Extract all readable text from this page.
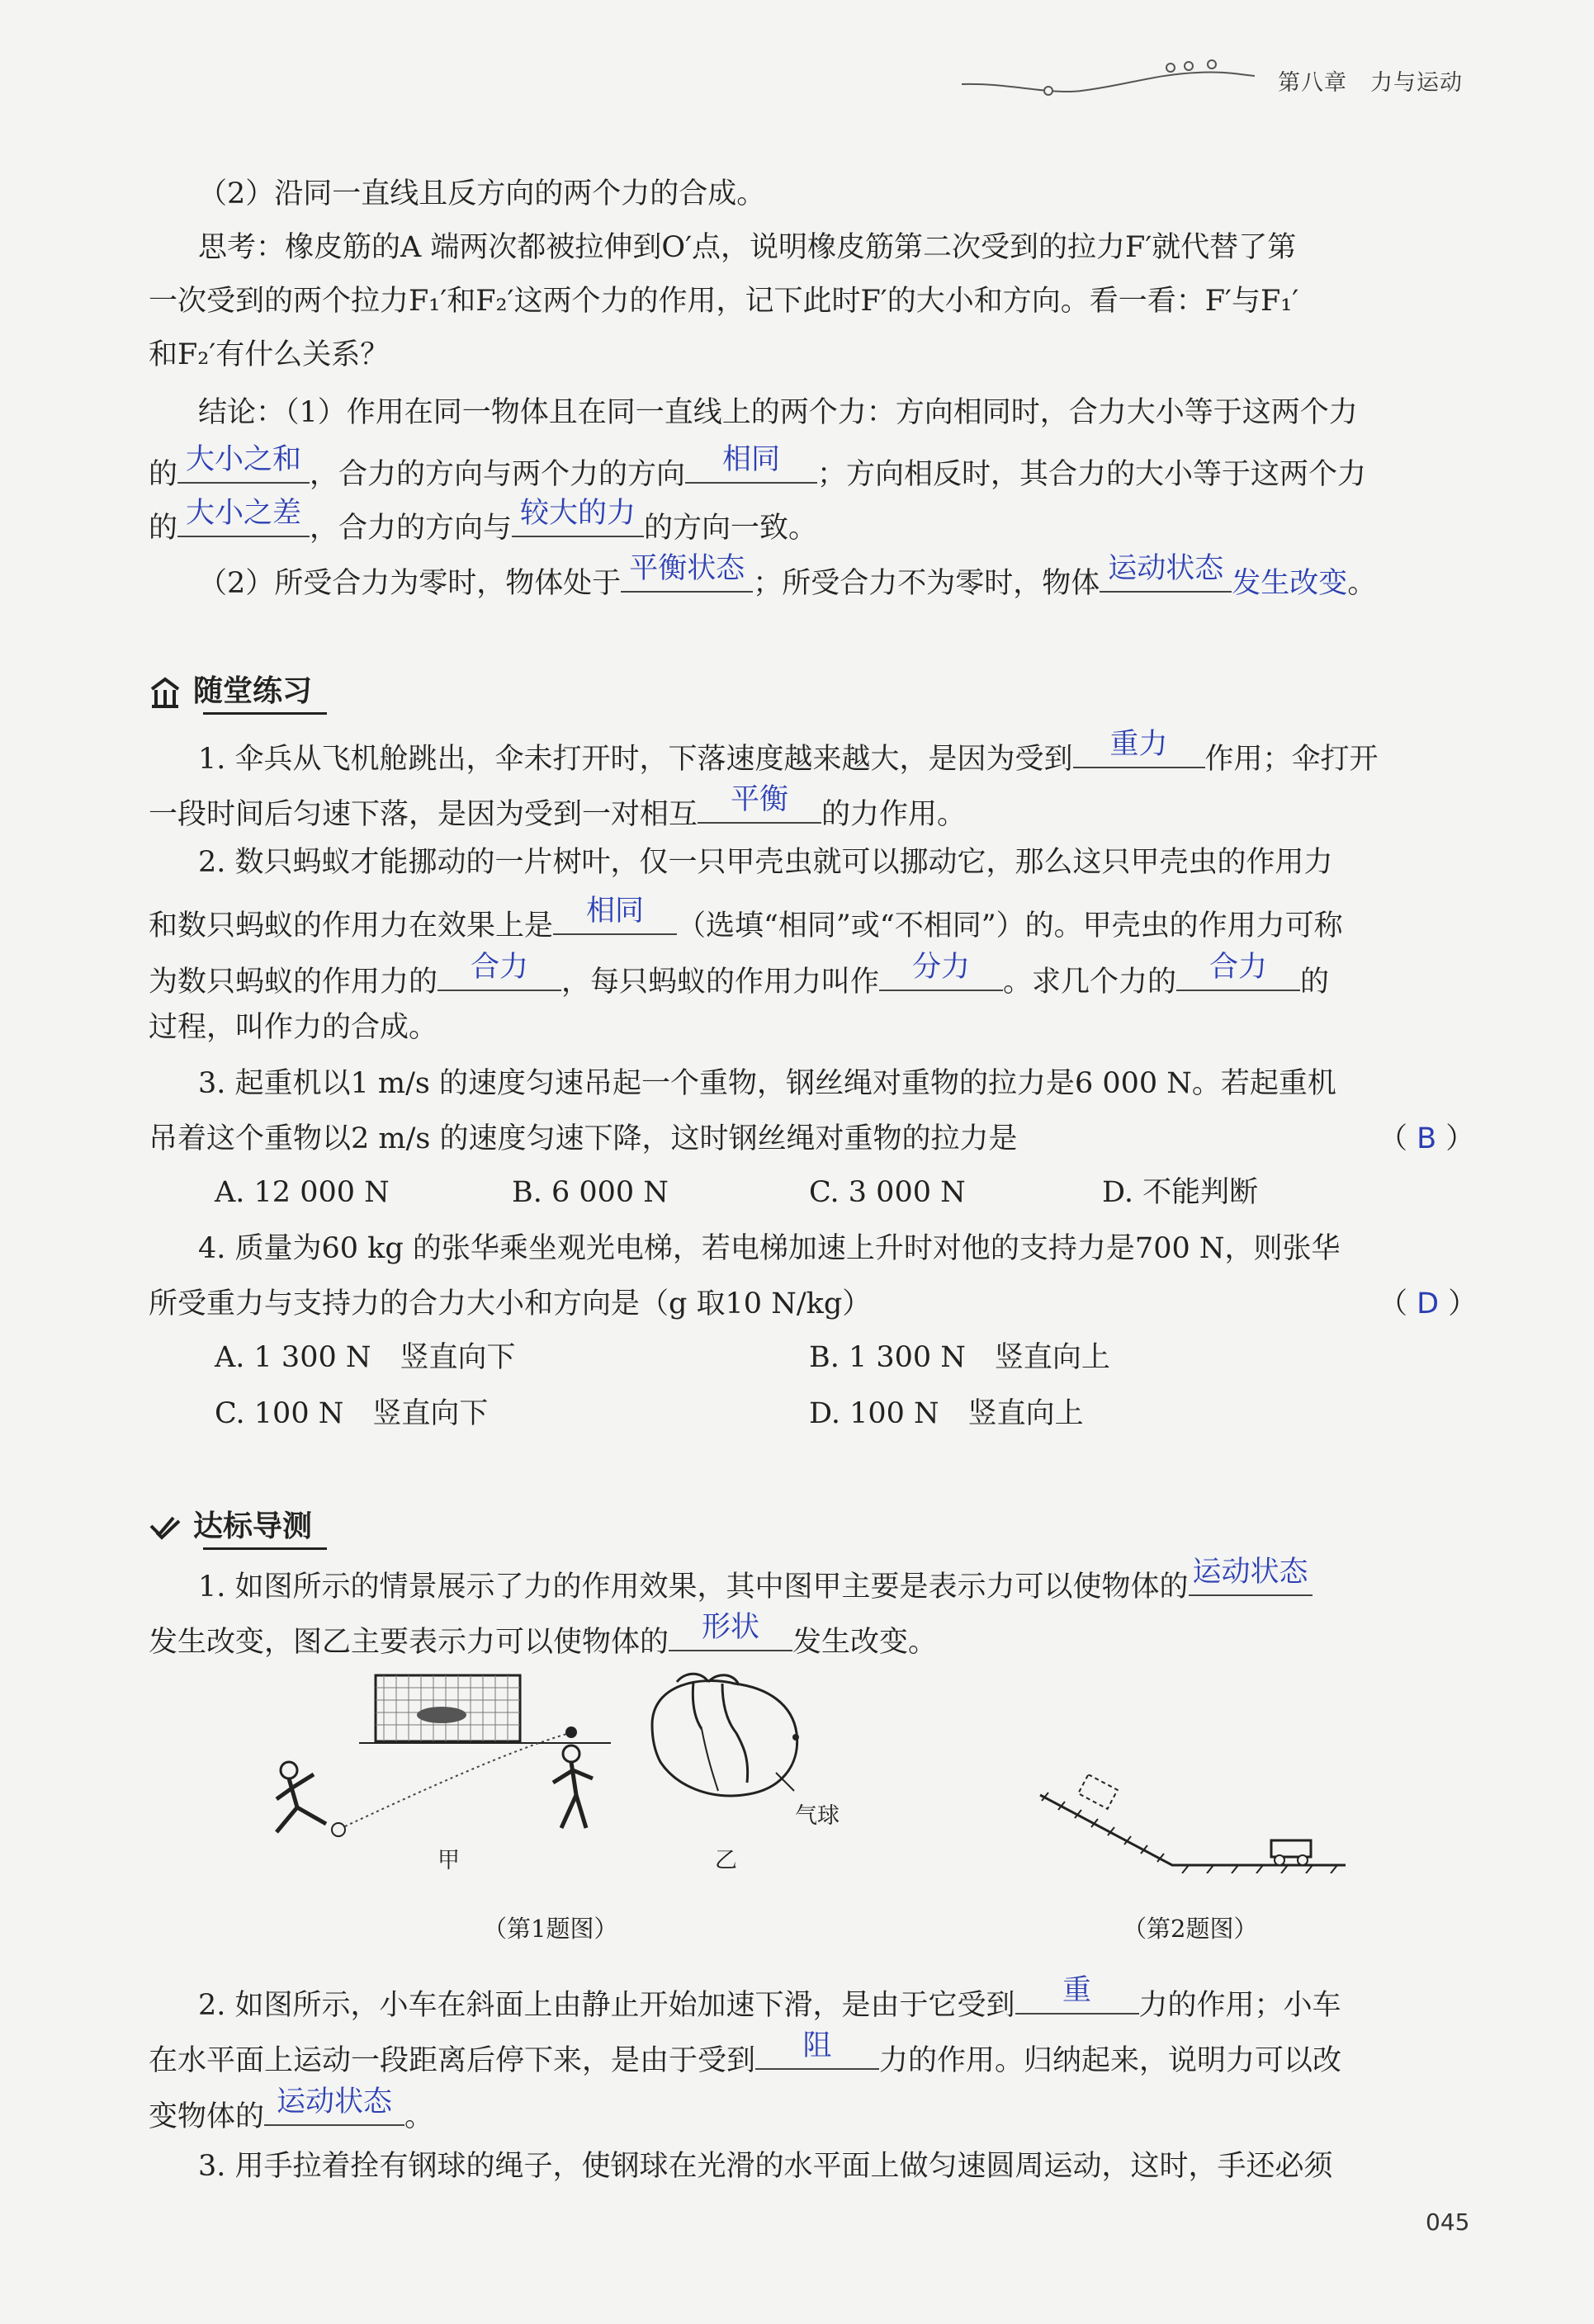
第八章　力与运动
（2）沿同一直线且反方向的两个力的合成。
思考：橡皮筋的A 端两次都被拉伸到O′点，说明橡皮筋第二次受到的拉力F′就代替了第
一次受到的两个拉力F₁′和F₂′这两个力的作用，记下此时F′的大小和方向。看一看：F′与F₁′
和F₂′有什么关系？
结论：（1）作用在同一物体且在同一直线上的两个力：方向相同时，合力大小等于这两个力
的 大小之和 ，合力的方向与两个力的方向	相同	；方向相反时，其合力的大小等于这两个力
的 大小之差 ，合力的方向与 较大的力 的方向一致。
（2）所受合力为零时，物体处于 平衡状态 ；所受合力不为零时，物体 运动状态 发生改变。
随堂练习
1. 伞兵从飞机舱跳出，伞未打开时，下落速度越来越大，是因为受到	重力	作用；伞打开
一段时间后匀速下落，是因为受到一对相互	平衡	的力作用。
2. 数只蚂蚁才能挪动的一片树叶，仅一只甲壳虫就可以挪动它，那么这只甲壳虫的作用力
和数只蚂蚁的作用力在效果上是	相同	（选填“相同”或“不相同”）的。甲壳虫的作用力可称
为数只蚂蚁的作用力的	合力	，每只蚂蚁的作用力叫作	分力	。求几个力的	合力	的
过程，叫作力的合成。
3. 起重机以1 m/s 的速度匀速吊起一个重物，钢丝绳对重物的拉力是6 000 N。若起重机
吊着这个重物以2 m/s 的速度匀速下降，这时钢丝绳对重物的拉力是	（ B ）
A. 12 000 N	B. 6 000 N	C. 3 000 N	D. 不能判断
4. 质量为60 kg 的张华乘坐观光电梯，若电梯加速上升时对他的支持力是700 N，则张华
所受重力与支持力的合力大小和方向是（g 取10 N/kg）	（ D ）
A. 1 300 N　竖直向下	B. 1 300 N　竖直向上
C. 100 N　竖直向下	D. 100 N　竖直向上
达标导测
1. 如图所示的情景展示了力的作用效果，其中图甲主要是表示力可以使物体的 运动状态
发生改变，图乙主要表示力可以使物体的	形状	发生改变。
甲
气球
乙
（第1题图）	（第2题图）
2. 如图所示，小车在斜面上由静止开始加速下滑，是由于它受到	重	力的作用；小车
在水平面上运动一段距离后停下来，是由于受到	阻	力的作用。归纳起来，说明力可以改
变物体的 运动状态 。
3. 用手拉着拴有钢球的绳子，使钢球在光滑的水平面上做匀速圆周运动，这时，手还必须
045
